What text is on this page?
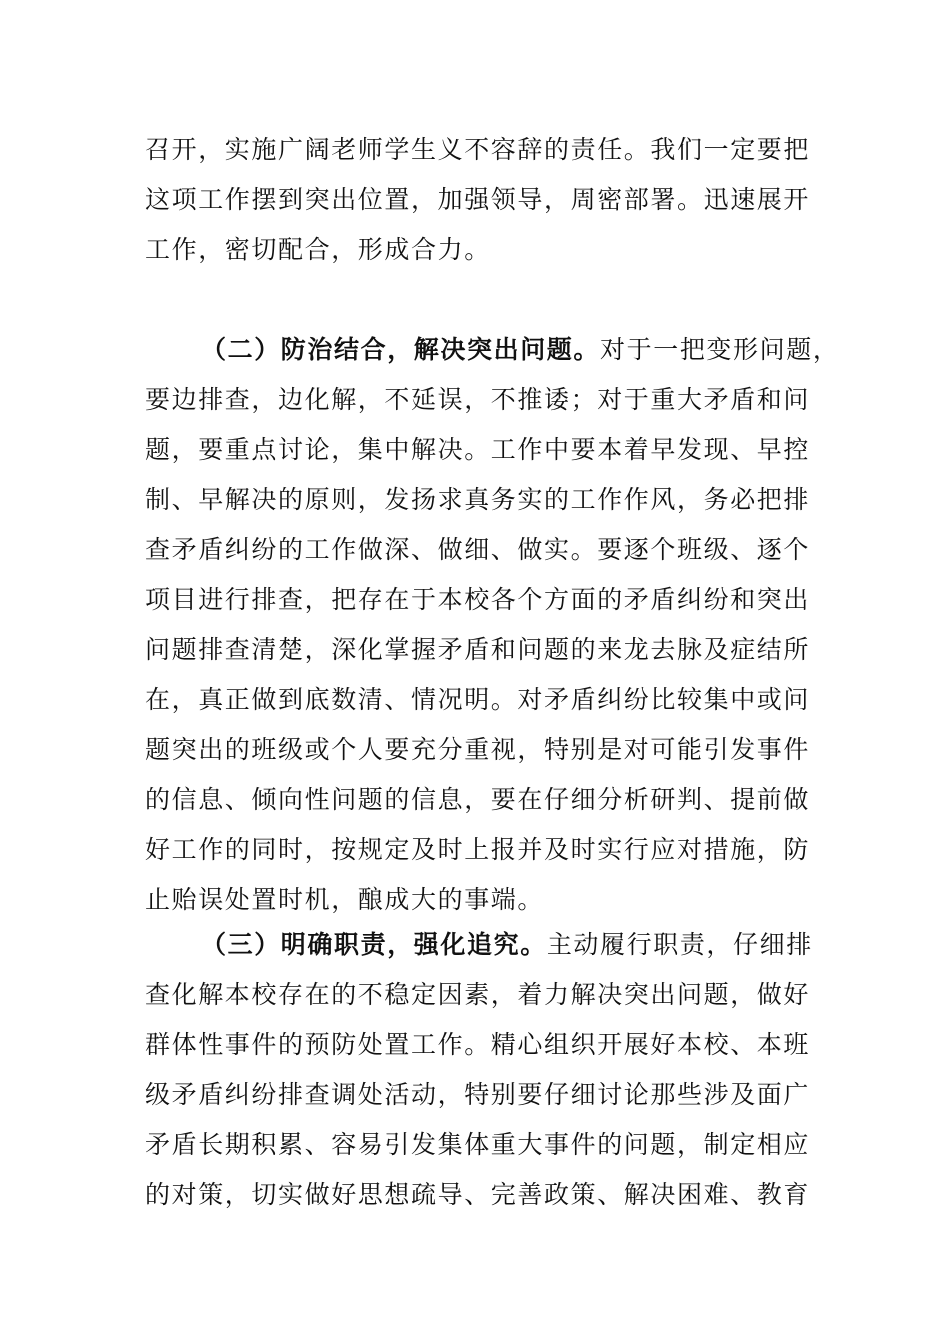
召开，实施广阔老师学生义不容辞的责任。我们一定要把
这项工作摆到突出位置，加强领导，周密部署。迅速展开
工作，密切配合，形成合力。
（二）防治结合，解决突出问题。对于一把变形问题，
要边排查，边化解，不延误，不推诿；对于重大矛盾和问
题，要重点讨论，集中解决。工作中要本着早发现、早控
制、早解决的原则，发扬求真务实的工作作风，务必把排
查矛盾纠纷的工作做深、做细、做实。要逐个班级、逐个
项目进行排查，把存在于本校各个方面的矛盾纠纷和突出
问题排查清楚，深化掌握矛盾和问题的来龙去脉及症结所
在，真正做到底数清、情况明。对矛盾纠纷比较集中或问
题突出的班级或个人要充分重视，特别是对可能引发事件
的信息、倾向性问题的信息，要在仔细分析研判、提前做
好工作的同时，按规定及时上报并及时实行应对措施，防
止贻误处置时机，酿成大的事端。
（三）明确职责，强化追究。主动履行职责，仔细排
查化解本校存在的不稳定因素，着力解决突出问题，做好
群体性事件的预防处置工作。精心组织开展好本校、本班
级矛盾纠纷排查调处活动，特别要仔细讨论那些涉及面广
矛盾长期积累、容易引发集体重大事件的问题，制定相应
的对策，切实做好思想疏导、完善政策、解决困难、教育
